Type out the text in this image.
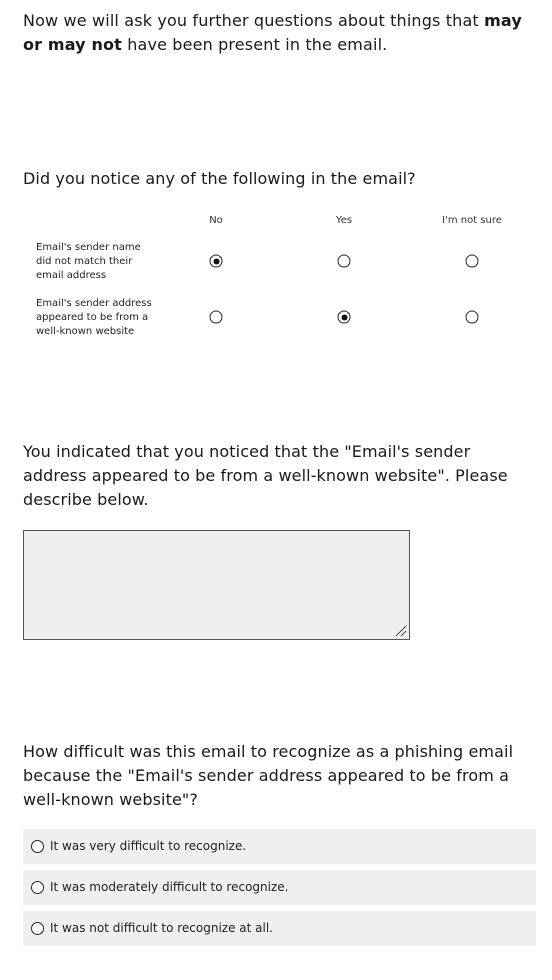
Now we will ask you further questions about things that may or may not have been present in the email.
Did you notice any of the following in the email?
No	Yes	I'm not sure
Email's sender name did not match their email address
Email's sender address appeared to be from a well-known website
You indicated that you noticed that the "Email's sender address appeared to be from a well-known website". Please describe below.
How difficult was this email to recognize as a phishing email because the "Email's sender address appeared to be from a well-known website"?
It was very difficult to recognize.
It was moderately difficult to recognize.
It was not difficult to recognize at all.
